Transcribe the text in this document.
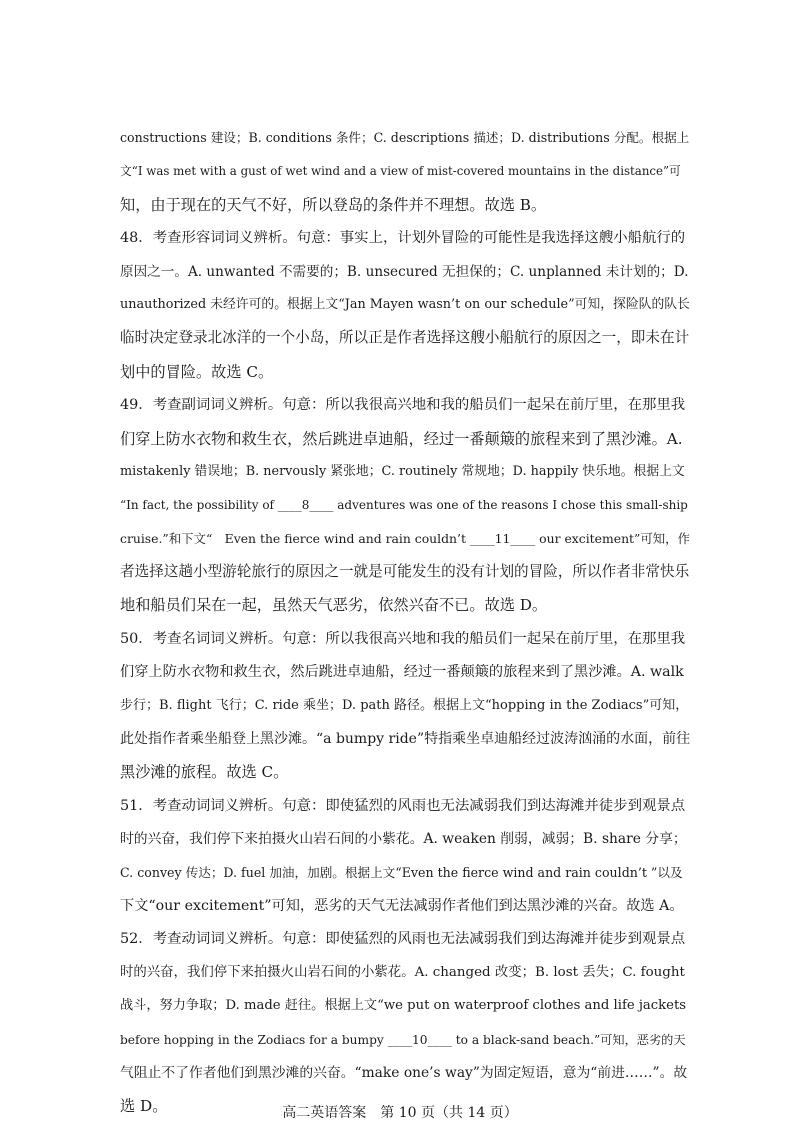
constructions 建设；B. conditions 条件；C. descriptions 描述；D. distributions 分配。根据上
文“I was met with a gust of wet wind and a view of mist-covered mountains in the distance”可
知，由于现在的天气不好，所以登岛的条件并不理想。故选 B。
48．考查形容词词义辨析。句意：事实上，计划外冒险的可能性是我选择这艘小船航行的
原因之一。A. unwanted 不需要的；B. unsecured 无担保的；C. unplanned 未计划的；D.
unauthorized 未经许可的。根据上文“Jan Mayen wasn’t on our schedule”可知，探险队的队长
临时决定登录北冰洋的一个小岛，所以正是作者选择这艘小船航行的原因之一，即未在计
划中的冒险。故选 C。
49．考查副词词义辨析。句意：所以我很高兴地和我的船员们一起呆在前厅里，在那里我
们穿上防水衣物和救生衣，然后跳进卓迪船，经过一番颠簸的旅程来到了黑沙滩。A.
mistakenly 错误地；B. nervously 紧张地；C. routinely 常规地；D. happily 快乐地。根据上文
“In fact, the possibility of ____8____ adventures was one of the reasons I chose this small-ship
cruise.”和下文“　Even the fierce wind and rain couldn’t ____11____ our excitement”可知，作
者选择这趟小型游轮旅行的原因之一就是可能发生的没有计划的冒险，所以作者非常快乐
地和船员们呆在一起，虽然天气恶劣，依然兴奋不已。故选 D。
50．考查名词词义辨析。句意：所以我很高兴地和我的船员们一起呆在前厅里，在那里我
们穿上防水衣物和救生衣，然后跳进卓迪船，经过一番颠簸的旅程来到了黑沙滩。A. walk
步行；B. flight 飞行；C. ride 乘坐；D. path 路径。根据上文“hopping in the Zodiacs”可知，
此处指作者乘坐船登上黑沙滩。“a bumpy ride”特指乘坐卓迪船经过波涛汹涌的水面，前往
黑沙滩的旅程。故选 C。
51．考查动词词义辨析。句意：即使猛烈的风雨也无法减弱我们到达海滩并徒步到观景点
时的兴奋，我们停下来拍摄火山岩石间的小紫花。A. weaken 削弱，减弱；B. share 分享；
C. convey 传达；D. fuel 加油，加剧。根据上文“Even the fierce wind and rain couldn’t ”以及
下文“our excitement”可知，恶劣的天气无法减弱作者他们到达黑沙滩的兴奋。故选 A。
52．考查动词词义辨析。句意：即使猛烈的风雨也无法减弱我们到达海滩并徒步到观景点
时的兴奋，我们停下来拍摄火山岩石间的小紫花。A. changed 改变；B. lost 丢失；C. fought
战斗，努力争取；D. made 赶往。根据上文“we put on waterproof clothes and life jackets
before hopping in the Zodiacs for a bumpy ____10____ to a black-sand beach.”可知，恶劣的天
气阻止不了作者他们到黑沙滩的兴奋。“make one’s way”为固定短语，意为“前进……”。故
选 D。	高二英语答案　第 10 页（共 14 页）
